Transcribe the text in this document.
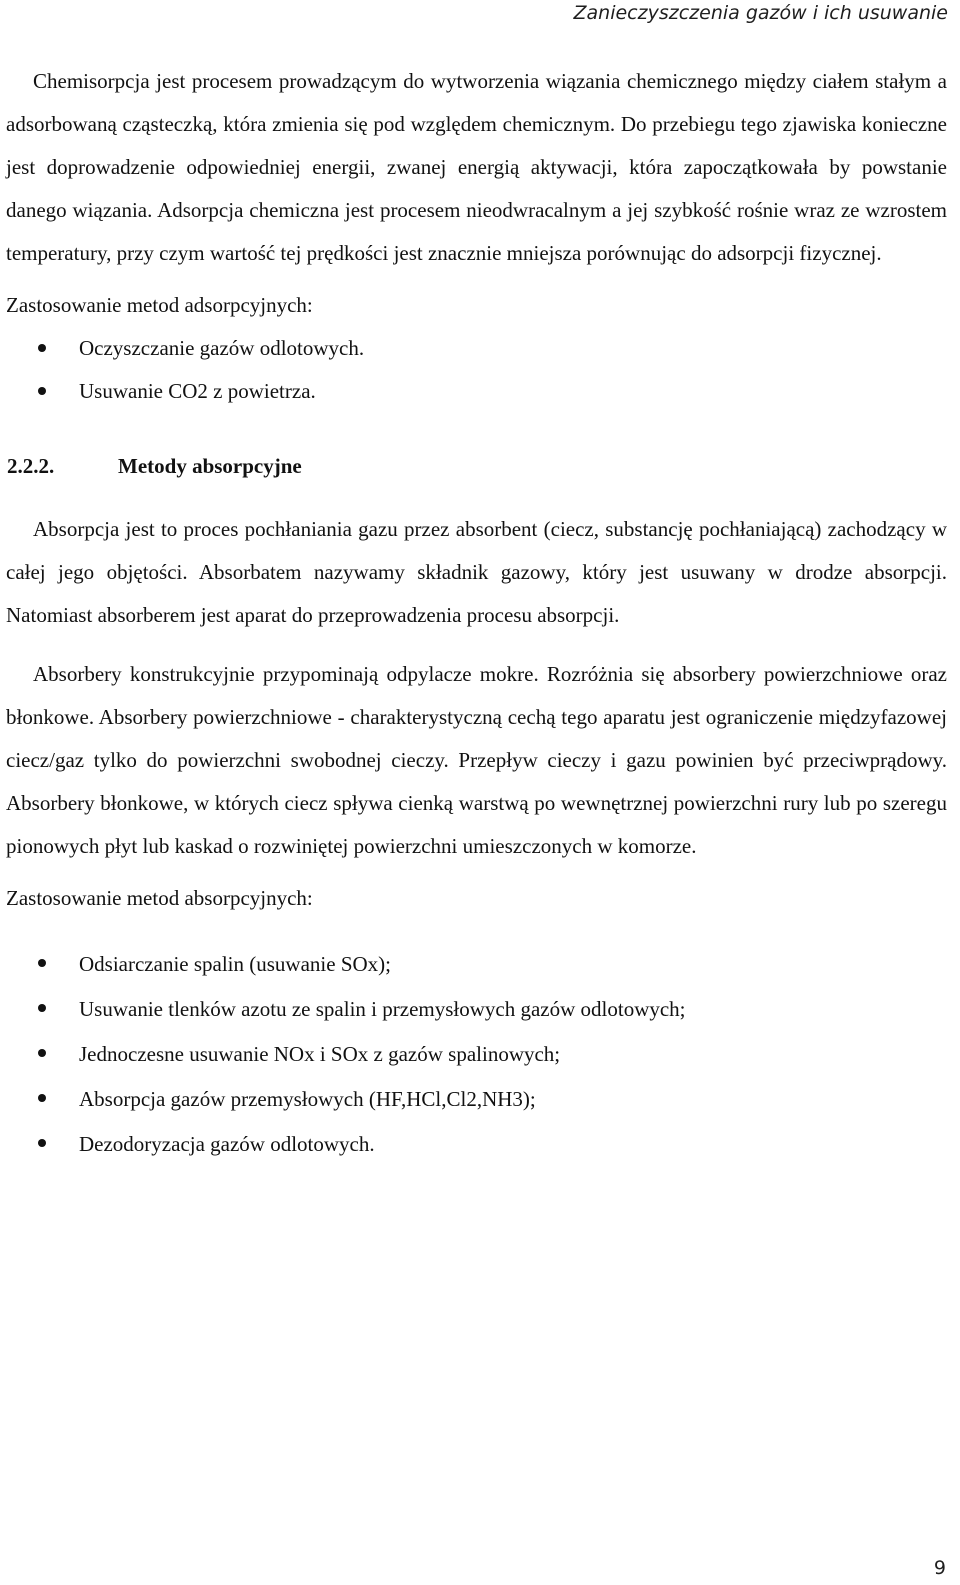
Zanieczyszczenia gazów i ich usuwanie

Chemisorpcja jest procesem prowadzącym do wytworzenia wiązania chemicznego między ciałem stałym a adsorbowaną cząsteczką, która zmienia się pod względem chemicznym. Do przebiegu tego zjawiska konieczne jest doprowadzenie odpowiedniej energii, zwanej energią aktywacji, która zapoczątkowała by powstanie danego wiązania. Adsorpcja chemiczna jest procesem nieodwracalnym a jej szybkość rośnie wraz ze wzrostem temperatury, przy czym wartość tej prędkości jest znacznie mniejsza porównując do adsorpcji fizycznej.

Zastosowanie metod adsorpcyjnych:

Oczyszczanie gazów odlotowych.
Usuwanie CO2 z powietrza.

2.2.2.	Metody absorpcyjne

Absorpcja jest to proces pochłaniania gazu przez absorbent (ciecz, substancję pochłaniającą) zachodzący w całej jego objętości. Absorbatem nazywamy składnik gazowy, który jest usuwany w drodze absorpcji. Natomiast absorberem jest aparat do przeprowadzenia procesu absorpcji.

Absorbery konstrukcyjnie przypominają odpylacze mokre. Rozróżnia się absorbery powierzchniowe oraz błonkowe. Absorbery powierzchniowe - charakterystyczną cechą tego aparatu jest ograniczenie międzyfazowej ciecz/gaz tylko do powierzchni swobodnej cieczy. Przepływ cieczy i gazu powinien być przeciwprądowy. Absorbery błonkowe, w których ciecz spływa cienką warstwą po wewnętrznej powierzchni rury lub po szeregu pionowych płyt lub kaskad o rozwiniętej powierzchni umieszczonych w komorze.

Zastosowanie metod absorpcyjnych:

Odsiarczanie spalin (usuwanie SOx);
Usuwanie tlenków azotu ze spalin i przemysłowych gazów odlotowych;
Jednoczesne usuwanie NOx i SOx z gazów spalinowych;
Absorpcja gazów przemysłowych (HF,HCl,Cl2,NH3);
Dezodoryzacja gazów odlotowych.
9
